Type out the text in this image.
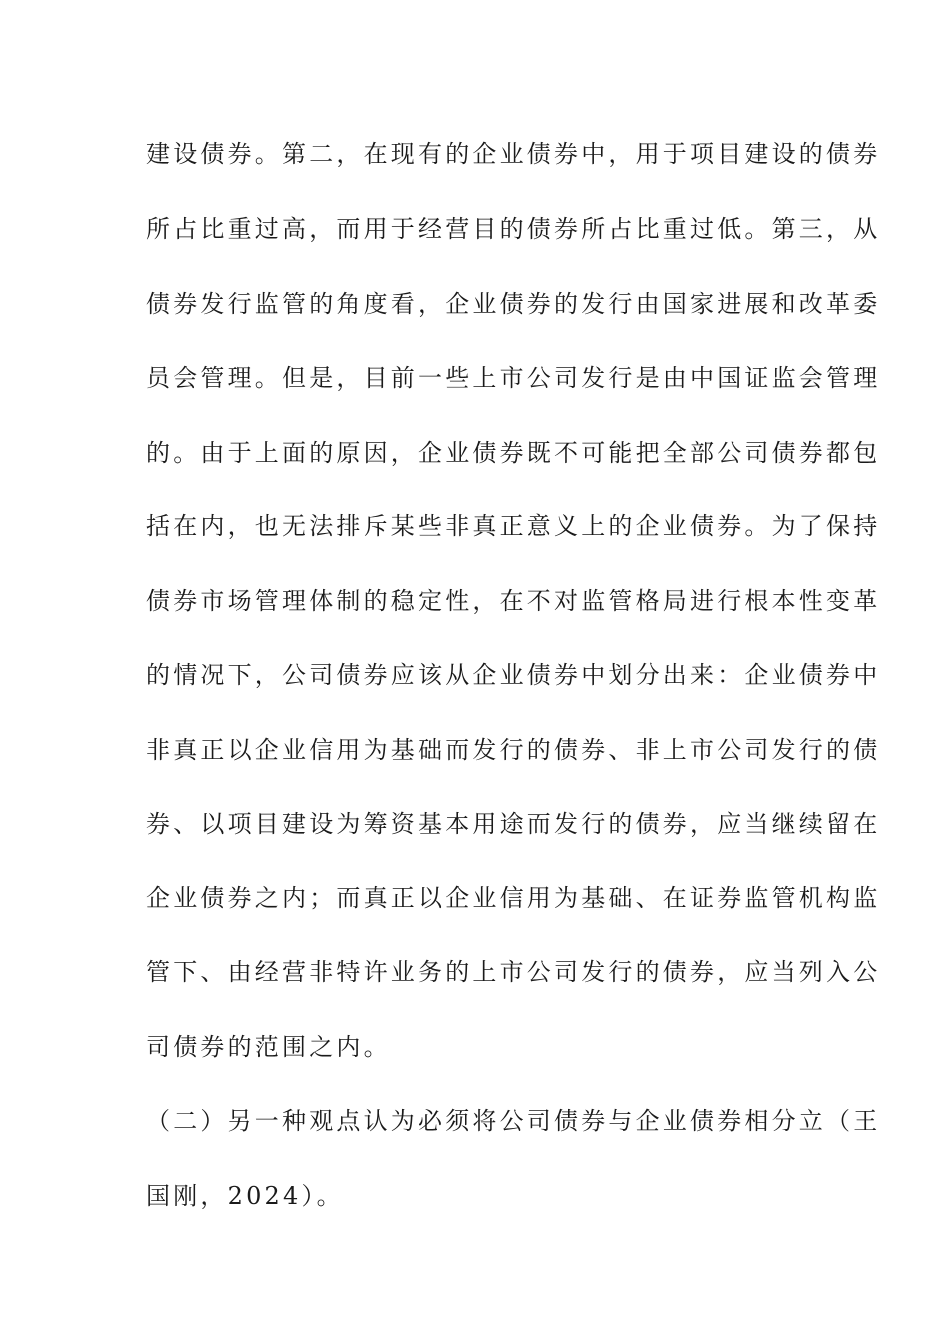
建设债券。第二，在现有的企业债券中，用于项目建设的债券
所占比重过高，而用于经营目的债券所占比重过低。第三，从
债券发行监管的角度看，企业债券的发行由国家进展和改革委
员会管理。但是，目前一些上市公司发行是由中国证监会管理
的。由于上面的原因，企业债券既不可能把全部公司债券都包
括在内，也无法排斥某些非真正意义上的企业债券。为了保持
债券市场管理体制的稳定性，在不对监管格局进行根本性变革
的情况下，公司债券应该从企业债券中划分出来：企业债券中
非真正以企业信用为基础而发行的债券、非上市公司发行的债
券、以项目建设为筹资基本用途而发行的债券，应当继续留在
企业债券之内；而真正以企业信用为基础、在证券监管机构监
管下、由经营非特许业务的上市公司发行的债券，应当列入公
司债券的范围之内。
（二）另一种观点认为必须将公司债券与企业债券相分立（王
国刚，2024）。
